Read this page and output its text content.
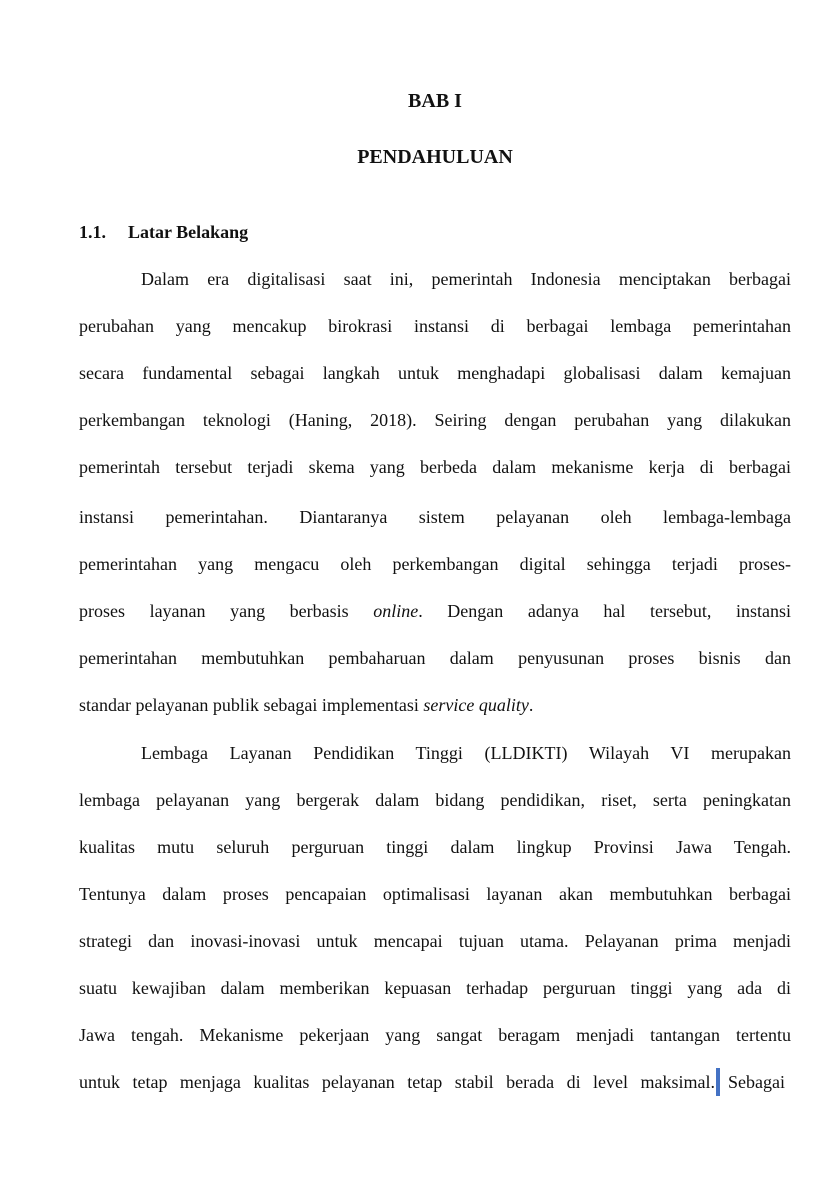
BAB I
PENDAHULUAN
1.1. Latar Belakang
Dalam era digitalisasi saat ini, pemerintah Indonesia menciptakan berbagai
perubahan yang mencakup birokrasi instansi di berbagai lembaga pemerintahan
secara fundamental sebagai langkah untuk menghadapi globalisasi dalam kemajuan
perkembangan teknologi (Haning, 2018). Seiring dengan perubahan yang dilakukan
pemerintah tersebut terjadi skema yang berbeda dalam mekanisme kerja di berbagai
instansi pemerintahan. Diantaranya sistem pelayanan oleh lembaga-lembaga
pemerintahan yang mengacu oleh perkembangan digital sehingga terjadi proses-
proses layanan yang berbasis online. Dengan adanya hal tersebut, instansi
pemerintahan membutuhkan pembaharuan dalam penyusunan proses bisnis dan
standar pelayanan publik sebagai implementasi service quality.
Lembaga Layanan Pendidikan Tinggi (LLDIKTI) Wilayah VI merupakan
lembaga pelayanan yang bergerak dalam bidang pendidikan, riset, serta peningkatan
kualitas mutu seluruh perguruan tinggi dalam lingkup Provinsi Jawa Tengah.
Tentunya dalam proses pencapaian optimalisasi layanan akan membutuhkan berbagai
strategi dan inovasi-inovasi untuk mencapai tujuan utama. Pelayanan prima menjadi
suatu kewajiban dalam memberikan kepuasan terhadap perguruan tinggi yang ada di
Jawa tengah. Mekanisme pekerjaan yang sangat beragam menjadi tantangan tertentu
untuk tetap menjaga kualitas pelayanan tetap stabil berada di level maksimal. Sebagai
